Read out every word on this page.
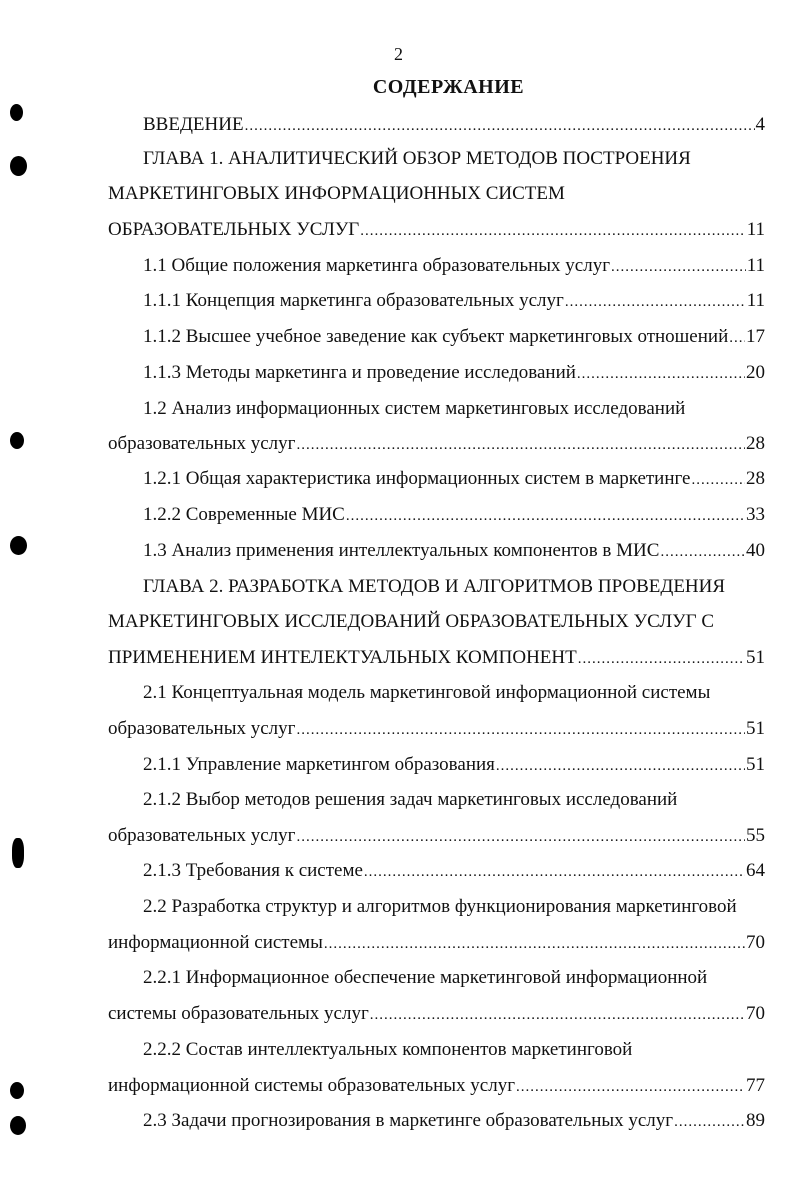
2
СОДЕРЖАНИЕ
ВВЕДЕНИЕ .....	4
ГЛАВА 1. АНАЛИТИЧЕСКИЙ ОБЗОР МЕТОДОВ ПОСТРОЕНИЯ
МАРКЕТИНГОВЫХ ИНФОРМАЦИОННЫХ СИСТЕМ
ОБРАЗОВАТЕЛЬНЫХ УСЛУГ .....	11
1.1 Общие положения маркетинга образовательных услуг .....	11
1.1.1 Концепция маркетинга образовательных услуг .....	11
1.1.2 Высшее учебное заведение как субъект маркетинговых отношений ..... 17
1.1.3 Методы маркетинга и проведение исследований .....	20
1.2 Анализ информационных систем маркетинговых исследований
образовательных услуг .....	28
1.2.1 Общая характеристика информационных систем в маркетинге .....	28
1.2.2 Современные МИС .....	33
1.3 Анализ применения интеллектуальных компонентов в МИС .....	40
ГЛАВА 2. РАЗРАБОТКА МЕТОДОВ И АЛГОРИТМОВ ПРОВЕДЕНИЯ
МАРКЕТИНГОВЫХ ИССЛЕДОВАНИЙ ОБРАЗОВАТЕЛЬНЫХ УСЛУГ С
ПРИМЕНЕНИЕМ ИНТЕЛЕКТУАЛЬНЫХ КОМПОНЕНТ .....	51
2.1 Концептуальная модель маркетинговой информационной системы
образовательных услуг .....	51
2.1.1 Управление маркетингом образования .....	51
2.1.2 Выбор методов решения задач маркетинговых исследований
образовательных услуг .....	55
2.1.3 Требования к системе .....	64
2.2 Разработка структур и алгоритмов функционирования маркетинговой
информационной системы .....	70
2.2.1 Информационное обеспечение маркетинговой информационной
системы образовательных услуг .....	70
2.2.2 Состав интеллектуальных компонентов маркетинговой
информационной системы образовательных услуг .....	77
2.3 Задачи прогнозирования в маркетинге образовательных услуг .....	89
